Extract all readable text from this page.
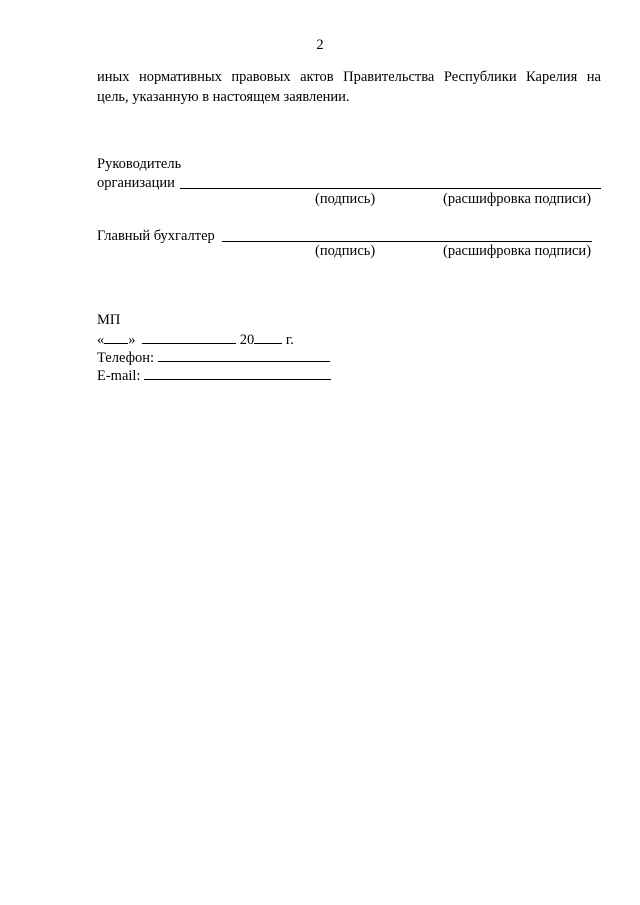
2
иных нормативных правовых актов Правительства Республики Карелия на
цель, указанную в настоящем заявлении.
Руководитель
организации
(подпись)	(расшифровка подписи)
Главный бухгалтер
(подпись)	(расшифровка подписи)
МП
« »	20 г.
Телефон:
E-mail:
